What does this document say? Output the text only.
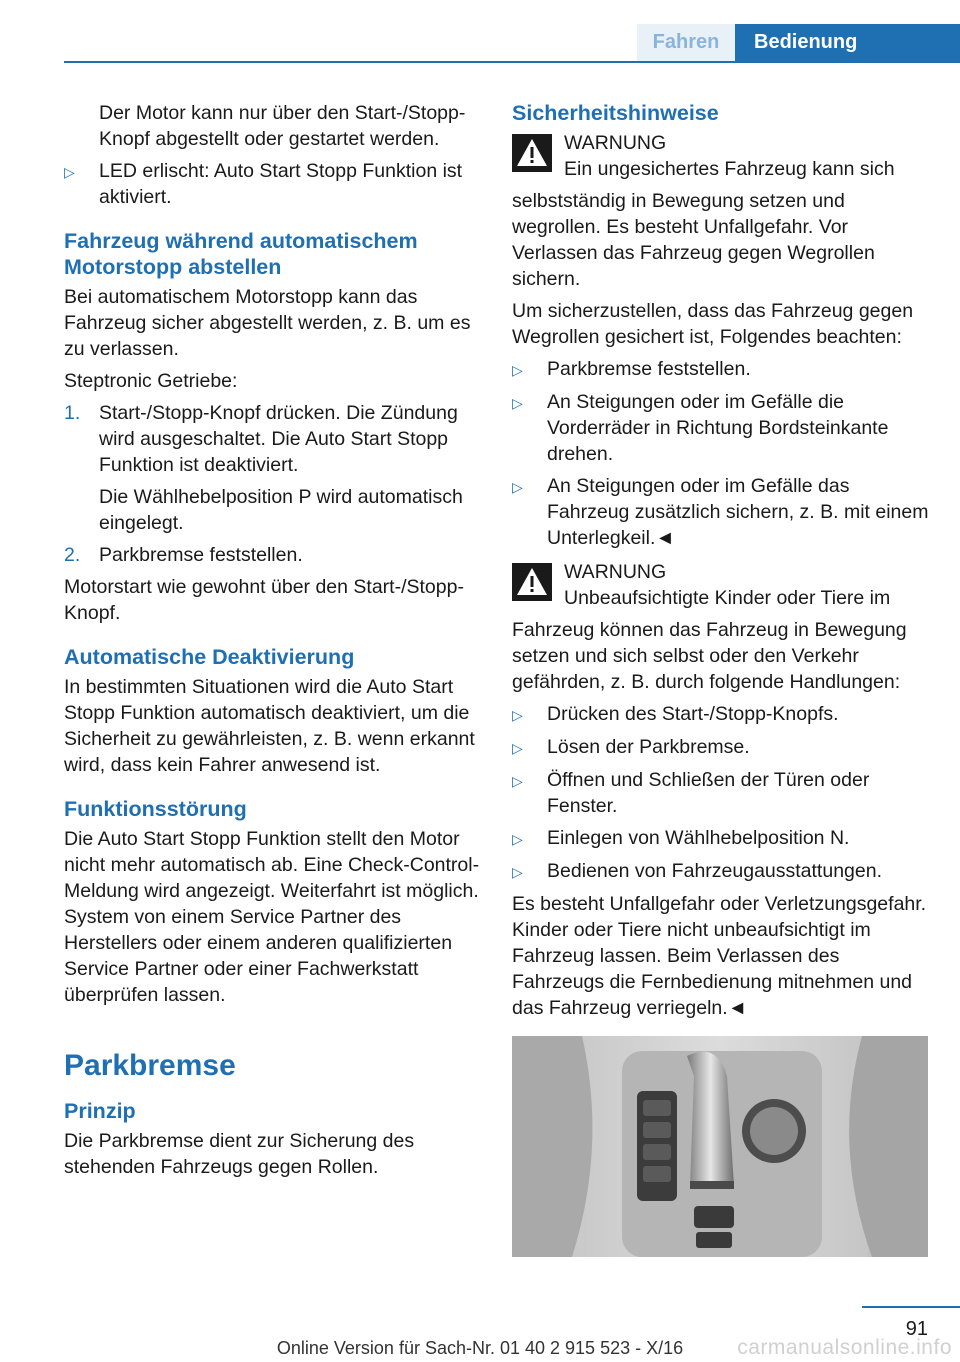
Fahren Bedienung

Der Motor kann nur über den Start-/Stopp-Knopf abgestellt oder gestartet werden.

▷	LED erlischt: Auto Start Stopp Funktion ist aktiviert.
Fahrzeug während automatischem Motorstopp abstellen

Bei automatischem Motorstopp kann das Fahrzeug sicher abgestellt werden, z. B. um es zu verlassen.

Steptronic Getriebe:

1. Start-/Stopp-Knopf drücken. Die Zündung wird ausgeschaltet. Die Auto Start Stopp Funktion ist deaktiviert.
Die Wählhebelposition P wird automatisch eingelegt.
2. Parkbremse feststellen.

Motorstart wie gewohnt über den Start-/Stopp-Knopf.

Automatische Deaktivierung

In bestimmten Situationen wird die Auto Start Stopp Funktion automatisch deaktiviert, um die Sicherheit zu gewährleisten, z. B. wenn erkannt wird, dass kein Fahrer anwesend ist.

Funktionsstörung

Die Auto Start Stopp Funktion stellt den Motor nicht mehr automatisch ab. Eine Check-Control-Meldung wird angezeigt. Weiterfahrt ist möglich. System von einem Service Partner des Herstellers oder einem anderen qualifizierten Service Partner oder einer Fachwerkstatt überprüfen lassen.

Parkbremse
Prinzip

Die Parkbremse dient zur Sicherung des stehenden Fahrzeugs gegen Rollen.

Sicherheitshinweise
WARNUNG
Ein ungesichertes Fahrzeug kann sich

selbstständig in Bewegung setzen und wegrollen. Es besteht Unfallgefahr. Vor Verlassen das Fahrzeug gegen Wegrollen sichern.

Um sicherzustellen, dass das Fahrzeug gegen Wegrollen gesichert ist, Folgendes beachten:

▷	Parkbremse feststellen.
▷	An Steigungen oder im Gefälle die Vorderräder in Richtung Bordsteinkante drehen.
▷	An Steigungen oder im Gefälle das Fahrzeug zusätzlich sichern, z. B. mit einem Unterlegkeil.◄
WARNUNG
Unbeaufsichtigte Kinder oder Tiere im

Fahrzeug können das Fahrzeug in Bewegung setzen und sich selbst oder den Verkehr gefährden, z. B. durch folgende Handlungen:

▷	Drücken des Start-/Stopp-Knopfs.
▷	Lösen der Parkbremse.
▷	Öffnen und Schließen der Türen oder Fenster.
▷	Einlegen von Wählhebelposition N.
▷	Bedienen von Fahrzeugausstattungen.

Es besteht Unfallgefahr oder Verletzungsgefahr. Kinder oder Tiere nicht unbeaufsichtigt im Fahrzeug lassen. Beim Verlassen des Fahrzeugs die Fernbedienung mitnehmen und das Fahrzeug verriegeln.◄

91
Online Version für Sach-Nr. 01 40 2 915 523 - X/16	carmanualsonline.info
